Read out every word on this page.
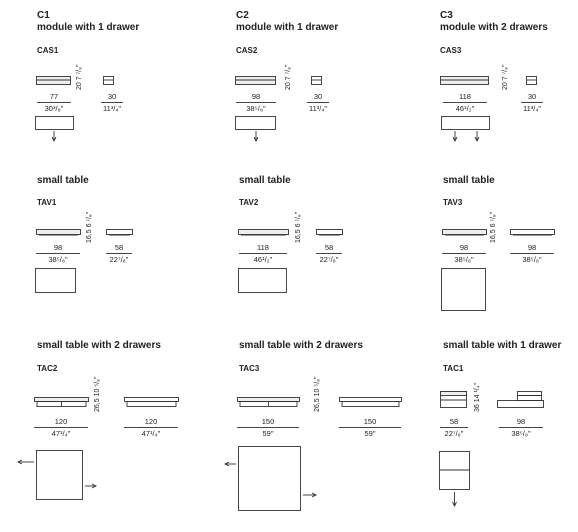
C1
module with 1 drawer
CAS1
20 7 ⁷/₈"
77
30³/₈"
30
11³/₄"
C2
module with 1 drawer
CAS2
20 7 ⁷/₈"
98
38⁵/₈"
30
11³/₄"
C3
module with 2 drawers
CAS3
20 7 ⁷/₈"
118
46¹/₂"
30
11³/₄"
small table
TAV1
16,5 6 ⁷/₈"
98
38⁵/₈"
58
22⁷/₈"
small table
TAV2
16,5 6 ⁷/₈"
118
46¹/₂"
58
22⁷/₈"
small table
TAV3
16,5 6 ⁷/₈"
98
38⁵/₈"
98
38⁵/₈"
small table with 2 drawers
TAC2
26,5 10 ⁵/₈"
120
47¹/₄"
120
47¹/₄"
small table with 2 drawers
TAC3
26,5 10 ⁵/₈"
150
59"
150
59"
small table with 1 drawer
TAC1
36 14 ¹/₄"
58
22⁷/₈"
98
38⁵/₈"
